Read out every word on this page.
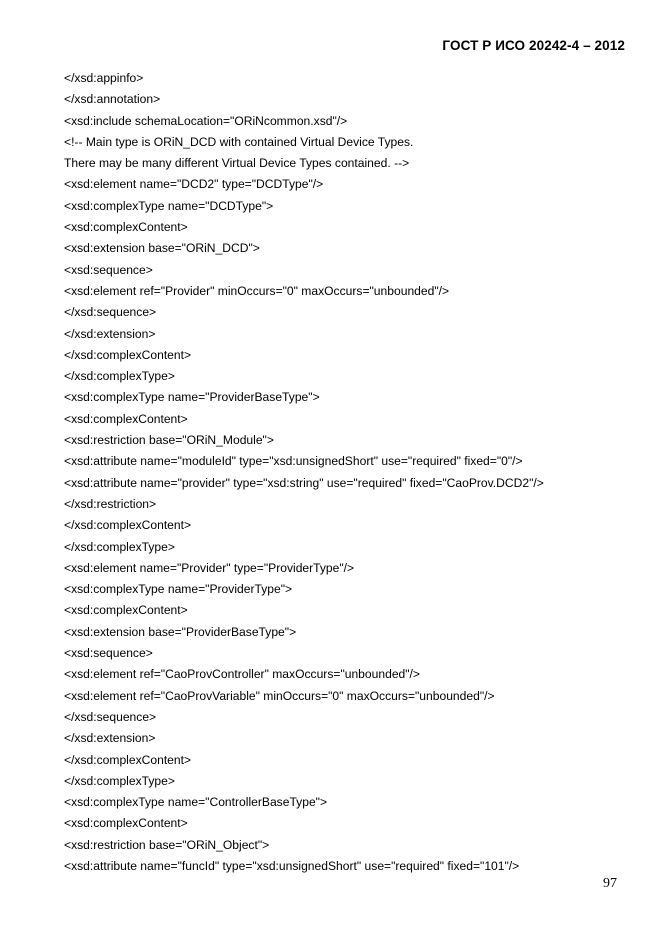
ГОСТ Р ИСО 20242-4 – 2012
</xsd:appinfo>
</xsd:annotation>
<xsd:include schemaLocation="ORiNcommon.xsd"/>
<!-- Main type is ORiN_DCD with contained Virtual Device Types.
There may be many different Virtual Device Types contained. -->
<xsd:element name="DCD2" type="DCDType"/>
<xsd:complexType name="DCDType">
<xsd:complexContent>
<xsd:extension base="ORiN_DCD">
<xsd:sequence>
<xsd:element ref="Provider" minOccurs="0" maxOccurs="unbounded"/>
</xsd:sequence>
</xsd:extension>
</xsd:complexContent>
</xsd:complexType>
<xsd:complexType name="ProviderBaseType">
<xsd:complexContent>
<xsd:restriction base="ORiN_Module">
<xsd:attribute name="moduleId" type="xsd:unsignedShort" use="required" fixed="0"/>
<xsd:attribute name="provider" type="xsd:string" use="required" fixed="CaoProv.DCD2"/>
</xsd:restriction>
</xsd:complexContent>
</xsd:complexType>
<xsd:element name="Provider" type="ProviderType"/>
<xsd:complexType name="ProviderType">
<xsd:complexContent>
<xsd:extension base="ProviderBaseType">
<xsd:sequence>
<xsd:element ref="CaoProvController" maxOccurs="unbounded"/>
<xsd:element ref="CaoProvVariable" minOccurs="0" maxOccurs="unbounded"/>
</xsd:sequence>
</xsd:extension>
</xsd:complexContent>
</xsd:complexType>
<xsd:complexType name="ControllerBaseType">
<xsd:complexContent>
<xsd:restriction base="ORiN_Object">
<xsd:attribute name="funcId" type="xsd:unsignedShort" use="required" fixed="101"/>
97
